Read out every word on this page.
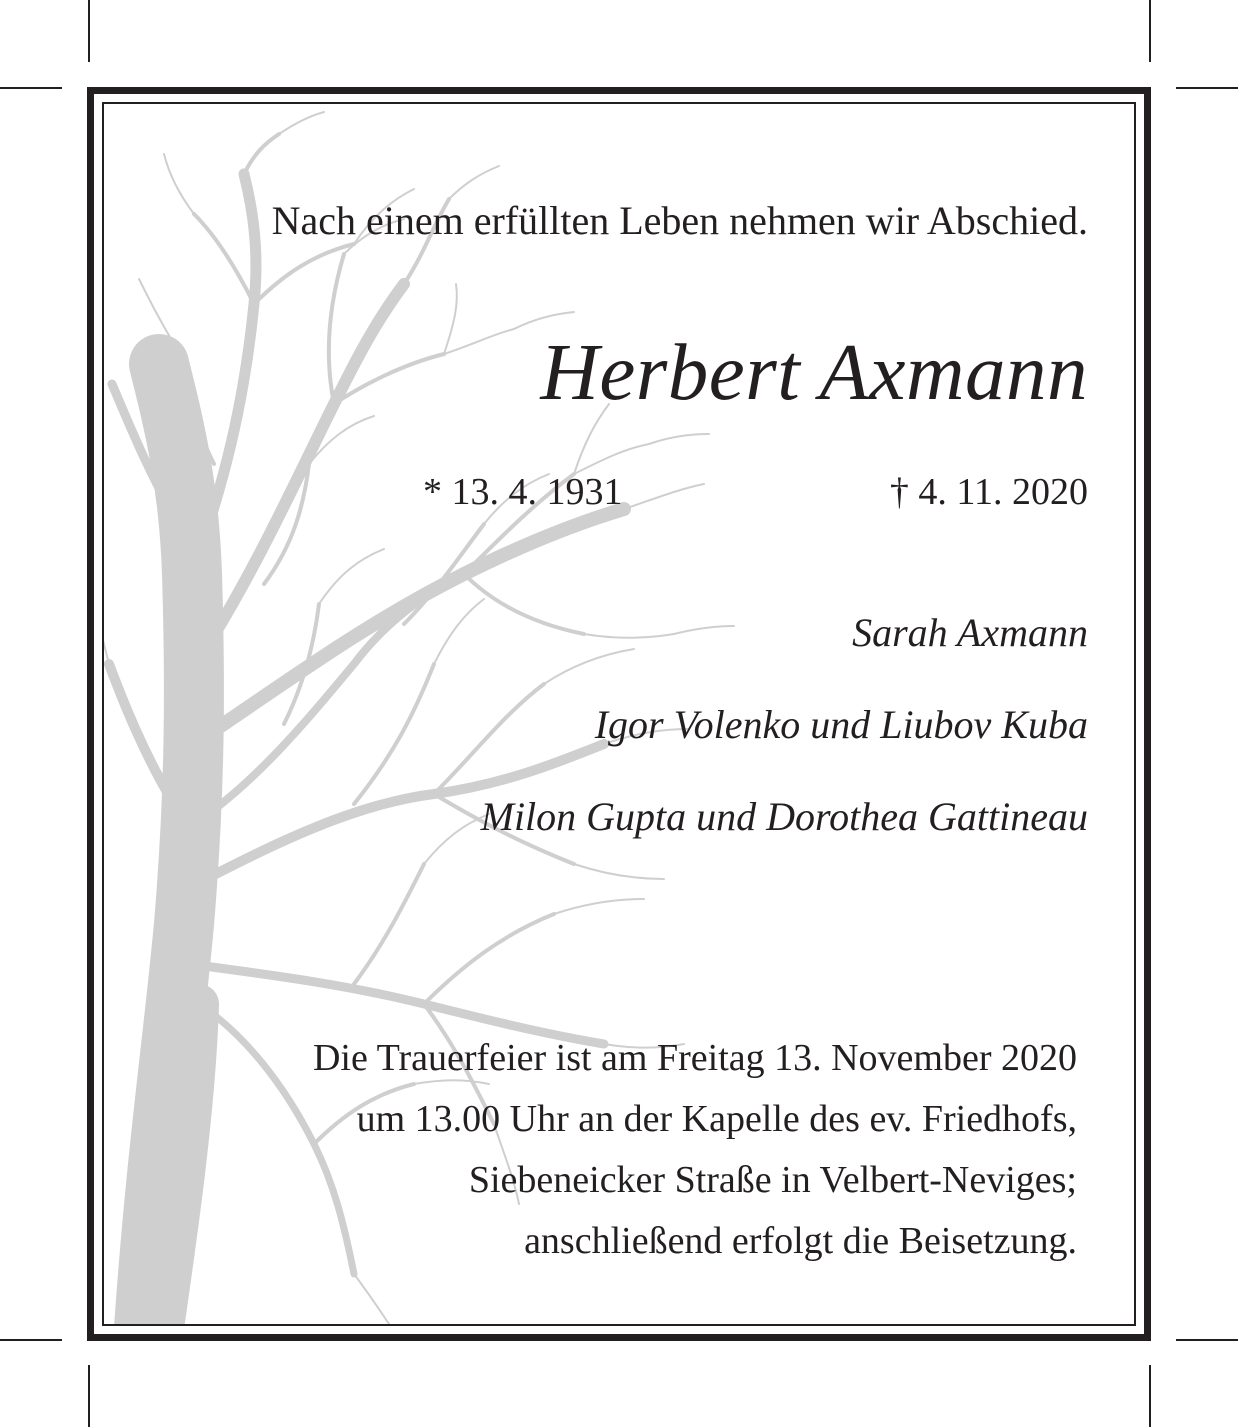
Nach einem erfüllten Leben nehmen wir Abschied.

Herbert Axmann

* 13. 4. 1931	† 4. 11. 2020

Sarah Axmann

Igor Volenko und Liubov Kuba

Milon Gupta und Dorothea Gattineau

Die Trauerfeier ist am Freitag 13. November 2020
um 13.00 Uhr an der Kapelle des ev. Friedhofs,
Siebeneicker Straße in Velbert-Neviges;
anschließend erfolgt die Beisetzung.
